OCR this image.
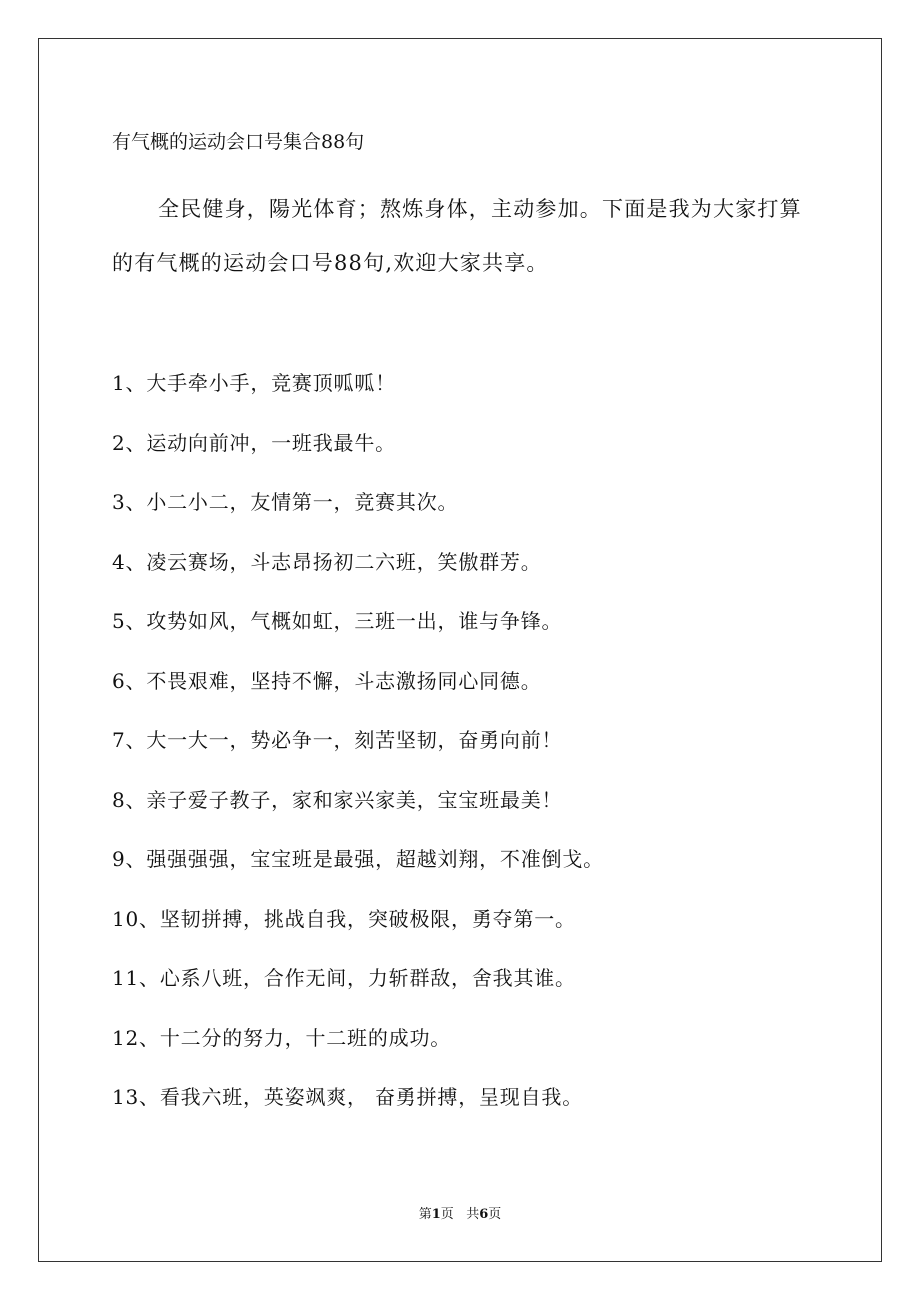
有气概的运动会口号集合88句

全民健身，陽光体育；熬炼身体，主动参加。下面是我为大家打算的有气概的运动会口号88句,欢迎大家共享。

1、大手牵小手，竞赛顶呱呱！
2、运动向前冲，一班我最牛。
3、小二小二，友情第一，竞赛其次。
4、凌云赛场，斗志昂扬初二六班，笑傲群芳。
5、攻势如风，气概如虹，三班一出，谁与争锋。
6、不畏艰难，坚持不懈，斗志激扬同心同德。
7、大一大一，势必争一，刻苦坚韧，奋勇向前！
8、亲子爱子教子，家和家兴家美，宝宝班最美！
9、强强强强，宝宝班是最强，超越刘翔，不准倒戈。
10、坚韧拼搏，挑战自我，突破极限，勇夺第一。
11、心系八班，合作无间，力斩群敌，舍我其谁。
12、十二分的努力，十二班的成功。
13、看我六班，英姿飒爽， 奋勇拼搏，呈现自我。
第1页 共6页
